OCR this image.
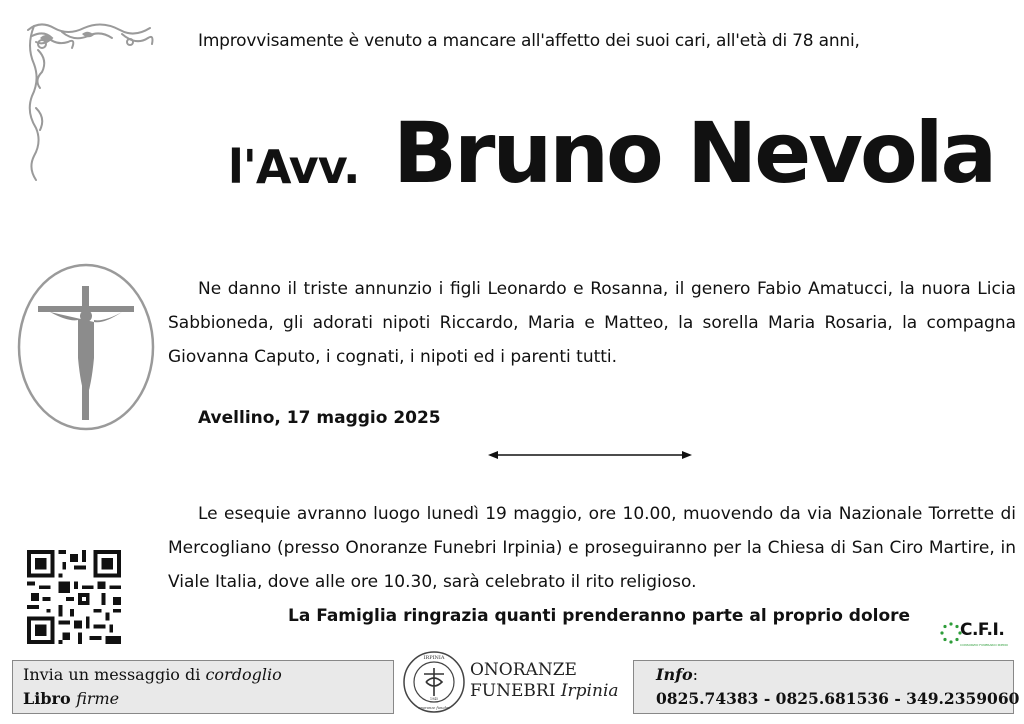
Improvvisamente è venuto a mancare all'affetto dei suoi cari, all'età di 78 anni,
l'Avv. Bruno Nevola
Ne danno il triste annunzio i figli Leonardo e Rosanna, il genero Fabio Amatucci, la nuora Licia Sabbioneda, gli adorati nipoti Riccardo, Maria e Matteo, la sorella Maria Rosaria, la compagna Giovanna Caputo, i cognati, i nipoti ed i parenti tutti.
Avellino, 17 maggio 2025
Le esequie avranno luogo lunedì 19 maggio, ore 10.00, muovendo da via Nazionale Torrette di Mercogliano (presso Onoranze Funebri Irpinia) e proseguiranno per la Chiesa di San Ciro Martire, in Viale Italia, dove alle ore 10.30, sarà celebrato il rito religioso.
La Famiglia ringrazia quanti prenderanno parte al proprio dolore
C.F.I.
CONSORZIO FUNERARIO IRPINO
Invia un messaggio di cordoglio
Libro firme
IRPINIA
1945
onoranze funebri
ONORANZE
FUNEBRI Irpinia
Info:
0825.74383 - 0825.681536 - 349.2359060
